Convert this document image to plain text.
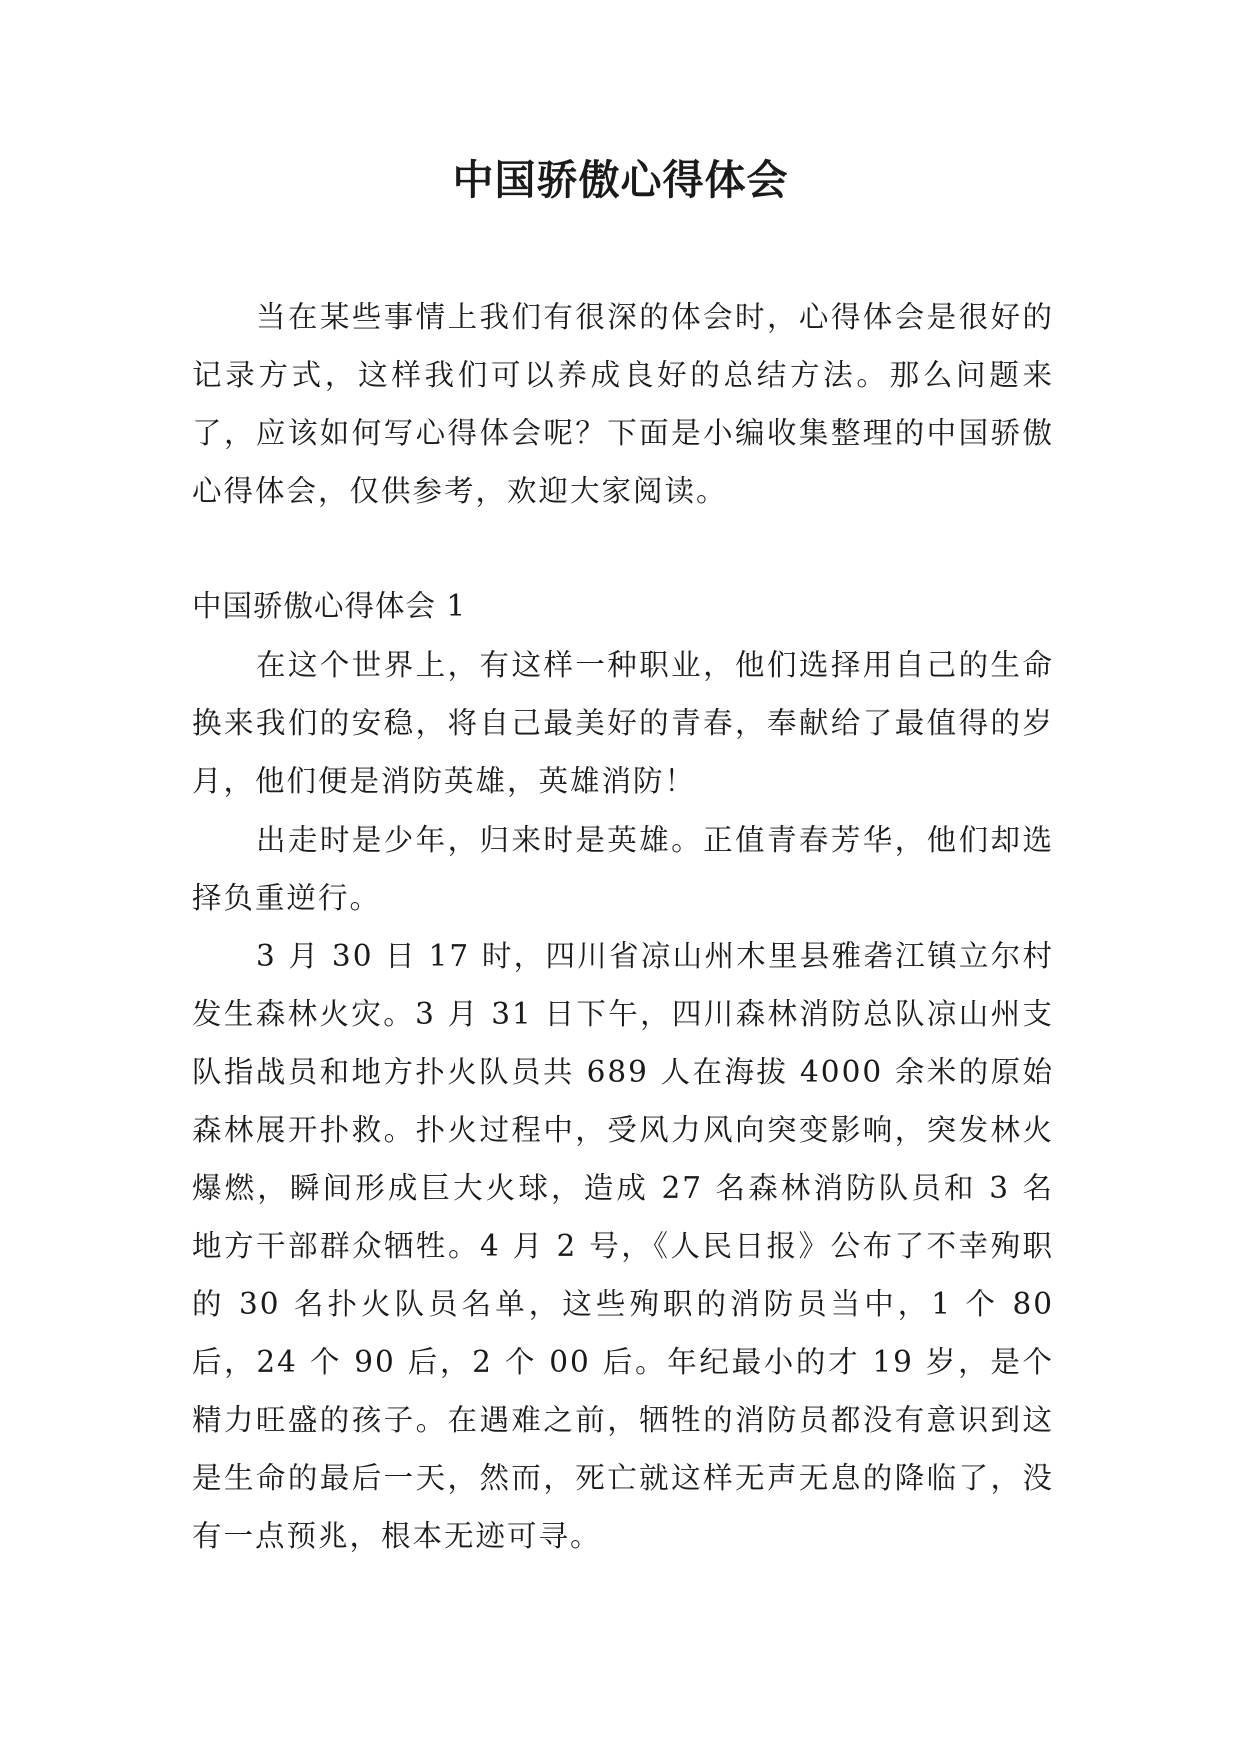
中国骄傲心得体会

当在某些事情上我们有很深的体会时，心得体会是很好的记录方式，这样我们可以养成良好的总结方法。那么问题来了，应该如何写心得体会呢？下面是小编收集整理的中国骄傲心得体会，仅供参考，欢迎大家阅读。

中国骄傲心得体会 1

在这个世界上，有这样一种职业，他们选择用自己的生命换来我们的安稳，将自己最美好的青春，奉献给了最值得的岁月，他们便是消防英雄，英雄消防！

出走时是少年，归来时是英雄。正值青春芳华，他们却选择负重逆行。

3 月 30 日 17 时，四川省凉山州木里县雅砻江镇立尔村发生森林火灾。3 月 31 日下午，四川森林消防总队凉山州支队指战员和地方扑火队员共 689 人在海拔 4000 余米的原始森林展开扑救。扑火过程中，受风力风向突变影响，突发林火爆燃，瞬间形成巨大火球，造成 27 名森林消防队员和 3 名地方干部群众牺牲。4 月 2 号，《人民日报》公布了不幸殉职的 30 名扑火队员名单，这些殉职的消防员当中，1 个 80 后，24 个 90 后，2 个 00 后。年纪最小的才 19 岁，是个精力旺盛的孩子。在遇难之前，牺牲的消防员都没有意识到这是生命的最后一天，然而，死亡就这样无声无息的降临了，没有一点预兆，根本无迹可寻。
